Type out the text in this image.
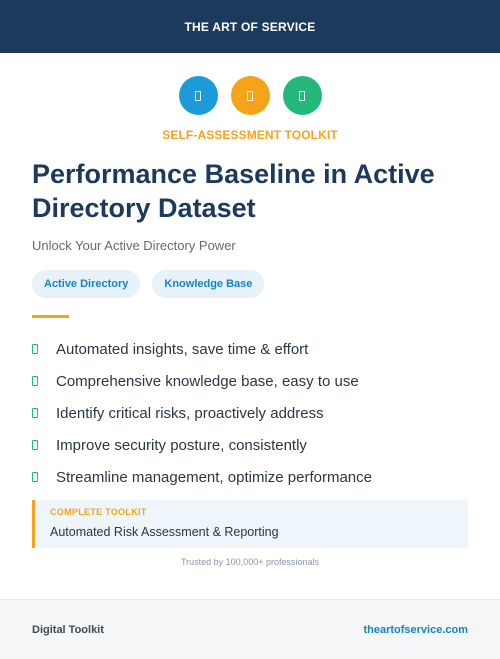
THE ART OF SERVICE
SELF-ASSESSMENT TOOLKIT
Performance Baseline in Active Directory Dataset
Unlock Your Active Directory Power
Active Directory	Knowledge Base
Automated insights, save time & effort
Comprehensive knowledge base, easy to use
Identify critical risks, proactively address
Improve security posture, consistently
Streamline management, optimize performance
COMPLETE TOOLKIT
Automated Risk Assessment & Reporting
Trusted by 100,000+ professionals
Digital Toolkit	theartofservice.com
